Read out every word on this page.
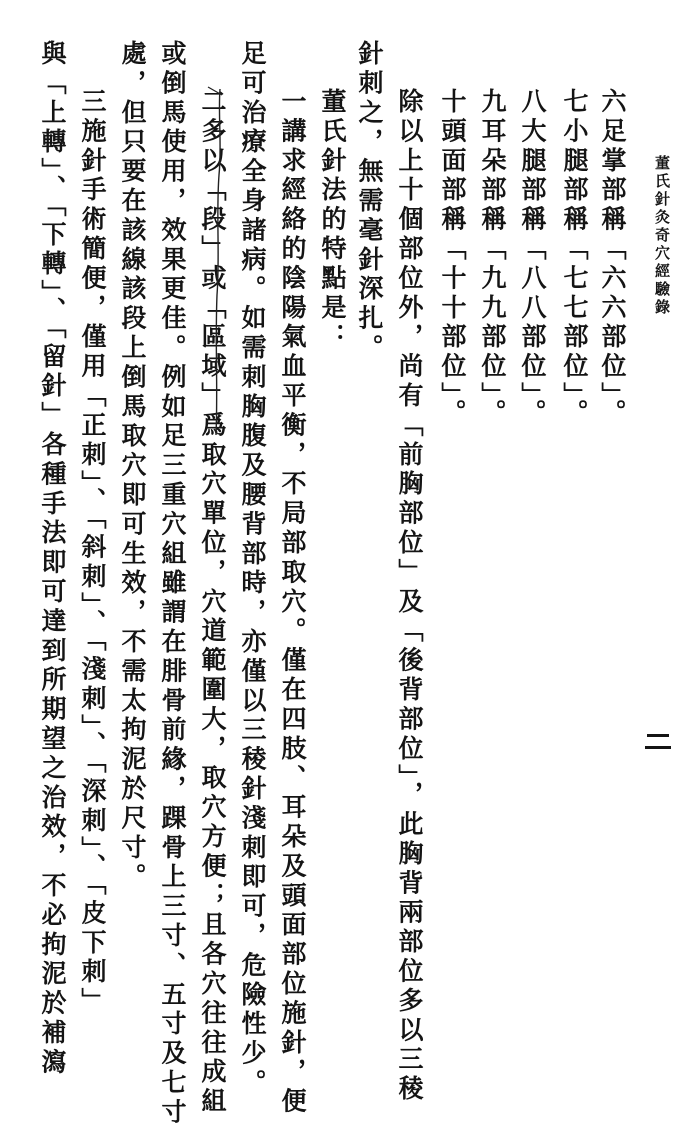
董氏針灸奇穴經驗錄
六足掌部稱「六六部位」。
七小腿部稱「七七部位」。
八大腿部稱「八八部位」。
九耳朵部稱「九九部位」。
十頭面部稱「十十部位」。
除以上十個部位外，尚有「前胸部位」及「後背部位」，此胸背兩部位多以三稜
針刺之，無需毫針深扎。
董氏針法的特點是：
一講求經絡的陰陽氣血平衡，不局部取穴。僅在四肢、耳朵及頭面部位施針，便
足可治療全身諸病。如需刺胸腹及腰背部時，亦僅以三稜針淺刺即可，危險性少。
二多以「段」或「區域」爲取穴單位，穴道範圍大，取穴方便；且各穴往往成組
或倒馬使用，效果更佳。例如足三重穴組雖謂在腓骨前緣，踝骨上三寸、五寸及七寸
處，但只要在該線該段上倒馬取穴即可生效，不需太拘泥於尺寸。
三施針手術簡便，僅用「正刺」、「斜刺」、「淺刺」、「深刺」、「皮下刺」
與「上轉」、「下轉」、「留針」各種手法即可達到所期望之治效，不必拘泥於補瀉
